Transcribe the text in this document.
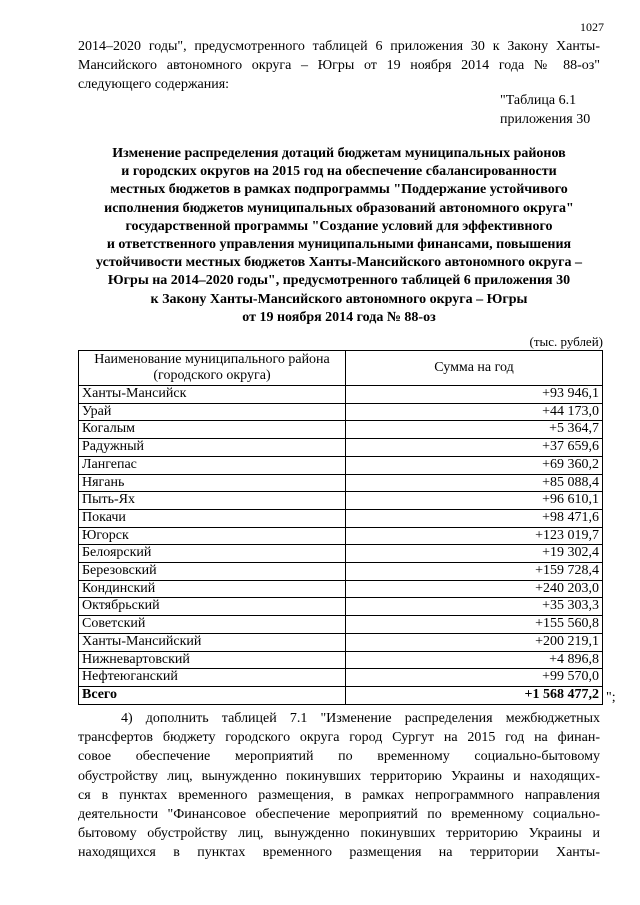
1027
2014–2020 годы", предусмотренного таблицей 6 приложения 30 к Закону Ханты-
Мансийского автономного округа – Югры от 19 ноября 2014 года № 88-оз"
следующего содержания:
"Таблица 6.1
приложения 30
Изменение распределения дотаций бюджетам муниципальных районов
и городских округов на 2015 год на обеспечение сбалансированности
местных бюджетов в рамках подпрограммы "Поддержание устойчивого
исполнения бюджетов муниципальных образований автономного округа"
государственной программы "Создание условий для эффективного
и ответственного управления муниципальными финансами, повышения
устойчивости местных бюджетов Ханты-Мансийского автономного округа –
Югры на 2014–2020 годы", предусмотренного таблицей 6 приложения 30
к Закону Ханты-Мансийского автономного округа – Югры
от 19 ноября 2014 года № 88-оз
(тыс. рублей)
Наименование муниципального района (городского округа)	Сумма на год
Ханты-Мансийск	+93 946,1
Урай	+44 173,0
Когалым	+5 364,7
Радужный	+37 659,6
Лангепас	+69 360,2
Нягань	+85 088,4
Пыть-Ях	+96 610,1
Покачи	+98 471,6
Югорск	+123 019,7
Белоярский	+19 302,4
Березовский	+159 728,4
Кондинский	+240 203,0
Октябрьский	+35 303,3
Советский	+155 560,8
Ханты-Мансийский	+200 219,1
Нижневартовский	+4 896,8
Нефтеюганский	+99 570,0
Всего	+1 568 477,2 ";
4) дополнить таблицей 7.1 "Изменение распределения межбюджетных
трансфертов бюджету городского округа город Сургут на 2015 год на финан-
совое обеспечение мероприятий по временному социально-бытовому
обустройству лиц, вынужденно покинувших территорию Украины и находящих-
ся в пунктах временного размещения, в рамках непрограммного направления
деятельности "Финансовое обеспечение мероприятий по временному социально-
бытовому обустройству лиц, вынужденно покинувших территорию Украины и
находящихся в пунктах временного размещения на территории Ханты-
